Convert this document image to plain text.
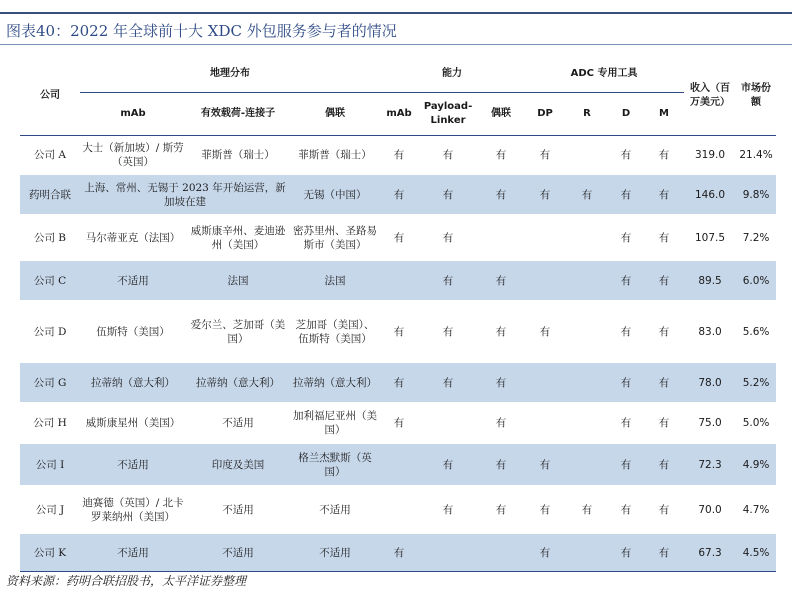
图表40：2022 年全球前十大 XDC 外包服务参与者的情况
公司	地理分布			能力			ADC 专用工具				收入（百万美元）	市场份额
	mAb	有效载荷-连接子	偶联	mAb	Payload-Linker	偶联	DP	R	D	M		
公司 A	大士（新加坡）/ 斯劳（英国）	菲斯普（瑞士）	菲斯普（瑞士）	有	有	有	有		有	有	319.0	21.4%
药明合联	上海、常州、无锡于 2023 年开始运营，新加坡在建		无锡（中国）	有	有	有	有	有	有	有	146.0	9.8%
公司 B	马尔蒂亚克（法国）	威斯康辛州、麦迪逊州（美国）	密苏里州、圣路易斯市（美国）	有	有				有	有	107.5	7.2%
公司 C	不适用	法国	法国		有	有			有	有	89.5	6.0%
公司 D	伍斯特（美国）	爱尔兰、芝加哥（美国）	芝加哥（美国）、伍斯特（美国）	有	有	有	有		有	有	83.0	5.6%
公司 G	拉蒂纳（意大利）	拉蒂纳（意大利）	拉蒂纳（意大利）	有	有	有			有	有	78.0	5.2%
公司 H	威斯康星州（美国）	不适用	加利福尼亚州（美国）	有		有			有	有	75.0	5.0%
公司 I	不适用	印度及美国	格兰杰默斯（英国）		有	有	有		有	有	72.3	4.9%
公司 J	迪赛德（英国）/ 北卡罗莱纳州（美国）	不适用	不适用		有	有	有	有	有	有	70.0	4.7%
公司 K	不适用	不适用	不适用	有			有		有	有	67.3	4.5%
资料来源：药明合联招股书，太平洋证券整理
